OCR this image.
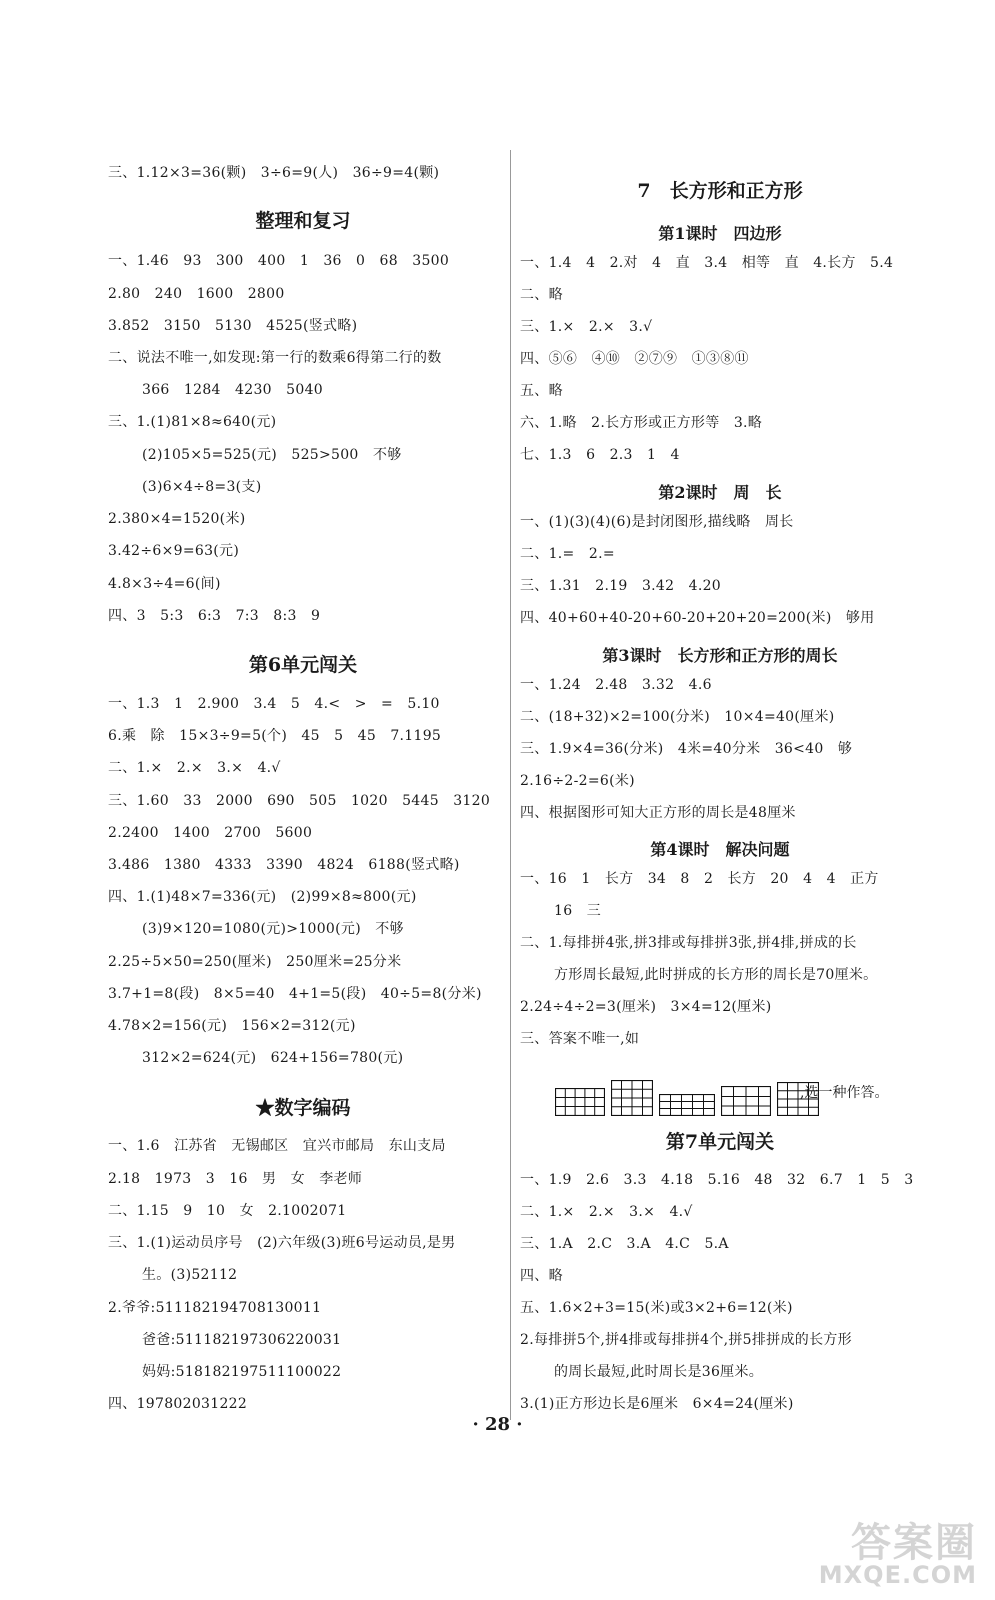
三、1.12×3=36(颗)　3÷6=9(人)　36÷9=4(颗)
整理和复习
一、1.46　93　300　400　1　36　0　68　3500
2.80　240　1600　2800
3.852　3150　5130　4525(竖式略)
二、说法不唯一,如发现:第一行的数乘6得第二行的数
366　1284　4230　5040
三、1.(1)81×8≈640(元)
(2)105×5=525(元)　525>500　不够
(3)6×4÷8=3(支)
2.380×4=1520(米)
3.42÷6×9=63(元)
4.8×3÷4=6(间)
四、3　5:3　6:3　7:3　8:3　9
第6单元闯关
一、1.3　1　2.900　3.4　5　4.<　>　=　5.10
6.乘　除　15×3÷9=5(个)　45　5　45　7.1195
二、1.×　2.×　3.×　4.√
三、1.60　33　2000　690　505　1020　5445　3120
2.2400　1400　2700　5600
3.486　1380　4333　3390　4824　6188(竖式略)
四、1.(1)48×7=336(元)　(2)99×8≈800(元)
(3)9×120=1080(元)>1000(元)　不够
2.25÷5×50=250(厘米)　250厘米=25分米
3.7+1=8(段)　8×5=40　4+1=5(段)　40÷5=8(分米)
4.78×2=156(元)　156×2=312(元)
312×2=624(元)　624+156=780(元)
★数字编码
一、1.6　江苏省　无锡邮区　宜兴市邮局　东山支局
2.18　1973　3　16　男　女　李老师
二、1.15　9　10　女　2.1002071
三、1.(1)运动员序号　(2)六年级(3)班6号运动员,是男
生。(3)52112
2.爷爷:511182194708130011
爸爸:511182197306220031
妈妈:518182197511100022
四、197802031222
7　长方形和正方形
第1课时　四边形
一、1.4　4　2.对　4　直　3.4　相等　直　4.长方　5.4
二、略
三、1.×　2.×　3.√
四、⑤⑥　④⑩　②⑦⑨　①③⑧⑪
五、略
六、1.略　2.长方形或正方形等　3.略
七、1.3　6　2.3　1　4
第2课时　周　长
一、(1)(3)(4)(6)是封闭图形,描线略　周长
二、1.=　2.=
三、1.31　2.19　3.42　4.20
四、40+60+40-20+60-20+20+20=200(米)　够用
第3课时　长方形和正方形的周长
一、1.24　2.48　3.32　4.6
二、(18+32)×2=100(分米)　10×4=40(厘米)
三、1.9×4=36(分米)　4米=40分米　36<40　够
2.16÷2-2=6(米)
四、根据图形可知大正方形的周长是48厘米
第4课时　解决问题
一、16　1　长方　34　8　2　长方　20　4　4　正方
16　三
二、1.每排拼4张,拼3排或每排拼3张,拼4排,拼成的长
方形周长最短,此时拼成的长方形的周长是70厘米。
2.24÷4÷2=3(厘米)　3×4=12(厘米)
三、答案不唯一,如
,选一种作答。
第7单元闯关
一、1.9　2.6　3.3　4.18　5.16　48　32　6.7　1　5　3
二、1.×　2.×　3.×　4.√
三、1.A　2.C　3.A　4.C　5.A
四、略
五、1.6×2+3=15(米)或3×2+6=12(米)
2.每排拼5个,拼4排或每排拼4个,拼5排拼成的长方形
的周长最短,此时周长是36厘米。
3.(1)正方形边长是6厘米　6×4=24(厘米)
· 28 ·
答案圈
MXQE.COM
